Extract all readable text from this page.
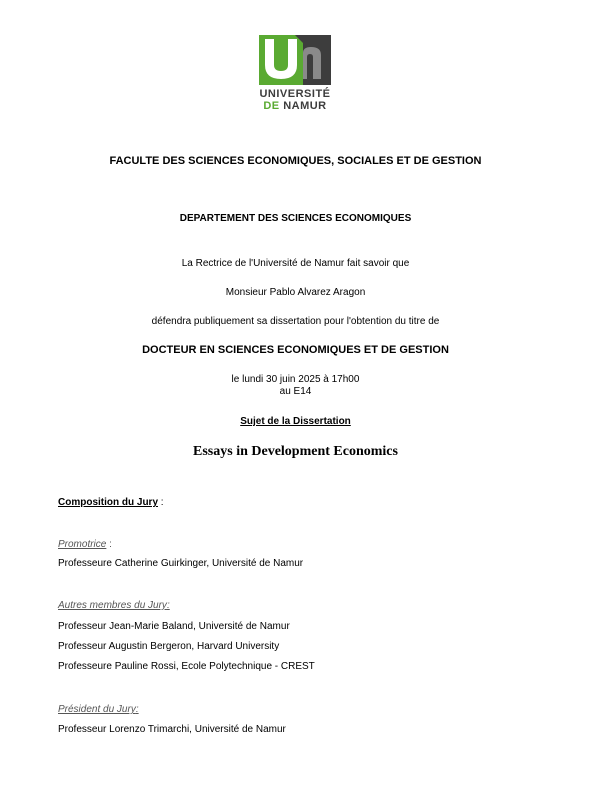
UNIVERSITÉ
DE NAMUR
FACULTE DES SCIENCES ECONOMIQUES, SOCIALES ET DE GESTION
DEPARTEMENT DES SCIENCES ECONOMIQUES
La Rectrice de l'Université de Namur fait savoir que
Monsieur Pablo Alvarez Aragon
défendra publiquement sa dissertation pour l'obtention du titre de
DOCTEUR EN SCIENCES ECONOMIQUES ET DE GESTION
le lundi 30 juin 2025 à 17h00
au E14
Sujet de la Dissertation
Essays in Development Economics
Composition du Jury :
Promotrice :
Professeure Catherine Guirkinger, Université de Namur
Autres membres du Jury:
Professeur Jean-Marie Baland, Université de Namur
Professeur Augustin Bergeron, Harvard University
Professeure Pauline Rossi, Ecole Polytechnique - CREST
Président du Jury:
Professeur Lorenzo Trimarchi, Université de Namur
